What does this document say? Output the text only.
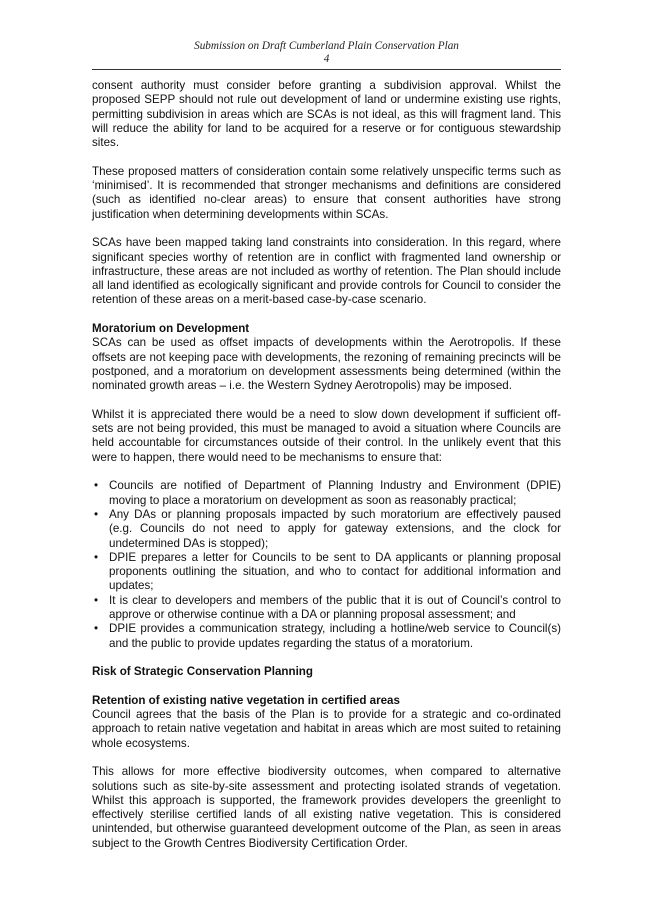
Submission on Draft Cumberland Plain Conservation Plan
4

consent authority must consider before granting a subdivision approval. Whilst the proposed SEPP should not rule out development of land or undermine existing use rights, permitting subdivision in areas which are SCAs is not ideal, as this will fragment land. This will reduce the ability for land to be acquired for a reserve or for contiguous stewardship sites.

These proposed matters of consideration contain some relatively unspecific terms such as ‘minimised’. It is recommended that stronger mechanisms and definitions are considered (such as identified no-clear areas) to ensure that consent authorities have strong justification when determining developments within SCAs.

SCAs have been mapped taking land constraints into consideration. In this regard, where significant species worthy of retention are in conflict with fragmented land ownership or infrastructure, these areas are not included as worthy of retention. The Plan should include all land identified as ecologically significant and provide controls for Council to consider the retention of these areas on a merit-based case-by-case scenario.

Moratorium on Development

SCAs can be used as offset impacts of developments within the Aerotropolis. If these offsets are not keeping pace with developments, the rezoning of remaining precincts will be postponed, and a moratorium on development assessments being determined (within the nominated growth areas – i.e. the Western Sydney Aerotropolis) may be imposed.

Whilst it is appreciated there would be a need to slow down development if sufficient off-sets are not being provided, this must be managed to avoid a situation where Councils are held accountable for circumstances outside of their control. In the unlikely event that this were to happen, there would need to be mechanisms to ensure that:

• Councils are notified of Department of Planning Industry and Environment (DPIE) moving to place a moratorium on development as soon as reasonably practical;
• Any DAs or planning proposals impacted by such moratorium are effectively paused (e.g. Councils do not need to apply for gateway extensions, and the clock for undetermined DAs is stopped);
• DPIE prepares a letter for Councils to be sent to DA applicants or planning proposal proponents outlining the situation, and who to contact for additional information and updates;
• It is clear to developers and members of the public that it is out of Council’s control to approve or otherwise continue with a DA or planning proposal assessment; and
• DPIE provides a communication strategy, including a hotline/web service to Council(s) and the public to provide updates regarding the status of a moratorium.
Risk of Strategic Conservation Planning
Retention of existing native vegetation in certified areas

Council agrees that the basis of the Plan is to provide for a strategic and co-ordinated approach to retain native vegetation and habitat in areas which are most suited to retaining whole ecosystems.

This allows for more effective biodiversity outcomes, when compared to alternative solutions such as site-by-site assessment and protecting isolated strands of vegetation. Whilst this approach is supported, the framework provides developers the greenlight to effectively sterilise certified lands of all existing native vegetation. This is considered unintended, but otherwise guaranteed development outcome of the Plan, as seen in areas subject to the Growth Centres Biodiversity Certification Order.
